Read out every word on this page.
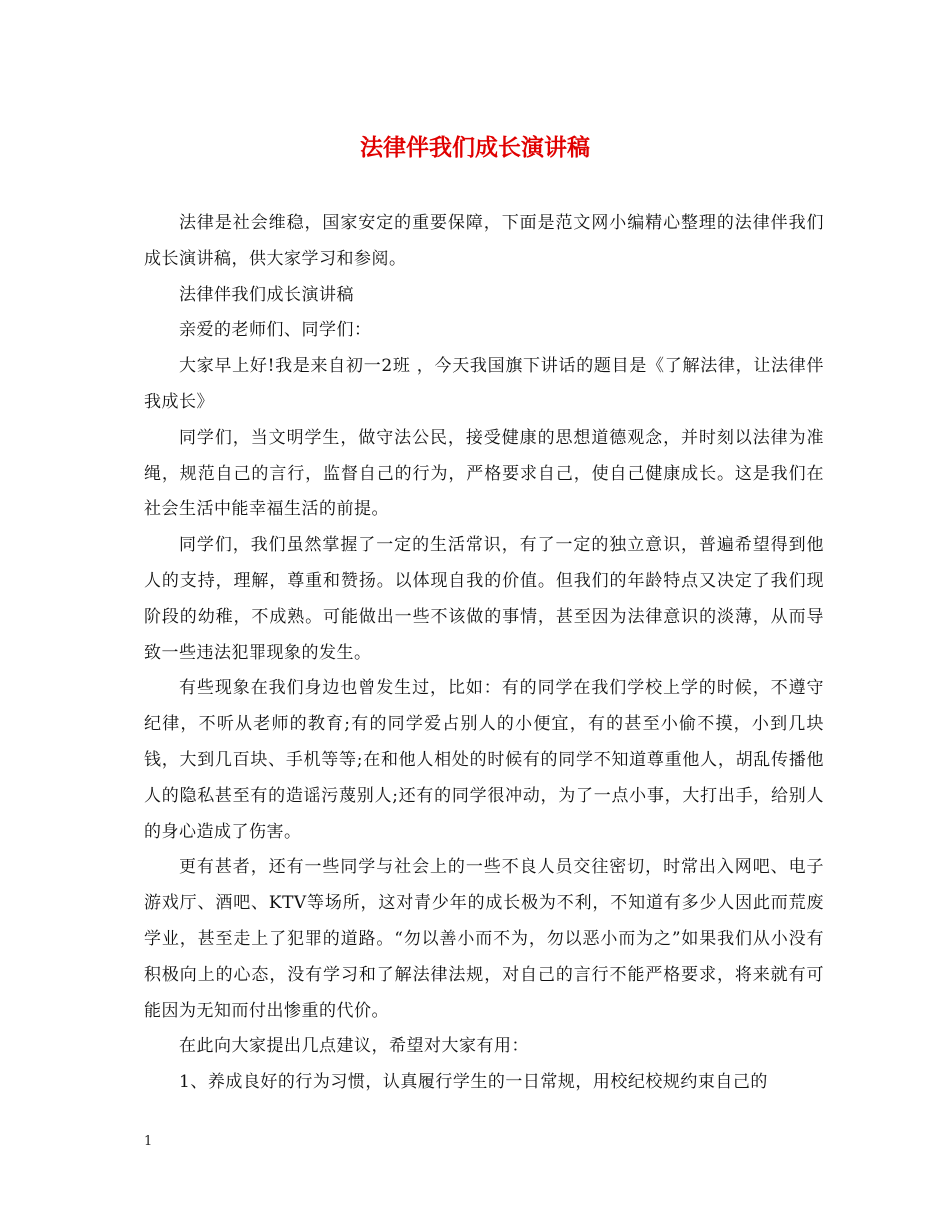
法律伴我们成长演讲稿

法律是社会维稳，国家安定的重要保障，下面是范文网小编精心整理的法律伴我们成长演讲稿，供大家学习和参阅。

法律伴我们成长演讲稿

亲爱的老师们、同学们：

大家早上好!我是来自初一2班 ，今天我国旗下讲话的题目是《了解法律，让法律伴我成长》

同学们，当文明学生，做守法公民，接受健康的思想道德观念，并时刻以法律为准绳，规范自己的言行，监督自己的行为，严格要求自己，使自己健康成长。这是我们在社会生活中能幸福生活的前提。

同学们，我们虽然掌握了一定的生活常识，有了一定的独立意识，普遍希望得到他人的支持，理解，尊重和赞扬。以体现自我的价值。但我们的年龄特点又决定了我们现阶段的幼稚，不成熟。可能做出一些不该做的事情，甚至因为法律意识的淡薄，从而导致一些违法犯罪现象的发生。

有些现象在我们身边也曾发生过，比如：有的同学在我们学校上学的时候，不遵守纪律，不听从老师的教育;有的同学爱占别人的小便宜，有的甚至小偷不摸，小到几块钱，大到几百块、手机等等;在和他人相处的时候有的同学不知道尊重他人，胡乱传播他人的隐私甚至有的造谣污蔑别人;还有的同学很冲动，为了一点小事，大打出手，给别人的身心造成了伤害。

更有甚者，还有一些同学与社会上的一些不良人员交往密切，时常出入网吧、电子游戏厅、酒吧、KTV等场所，这对青少年的成长极为不利，不知道有多少人因此而荒废学业，甚至走上了犯罪的道路。“勿以善小而不为，勿以恶小而为之”如果我们从小没有积极向上的心态，没有学习和了解法律法规，对自己的言行不能严格要求，将来就有可能因为无知而付出惨重的代价。

在此向大家提出几点建议，希望对大家有用：

1、养成良好的行为习惯，认真履行学生的一日常规，用校纪校规约束自己的

1
